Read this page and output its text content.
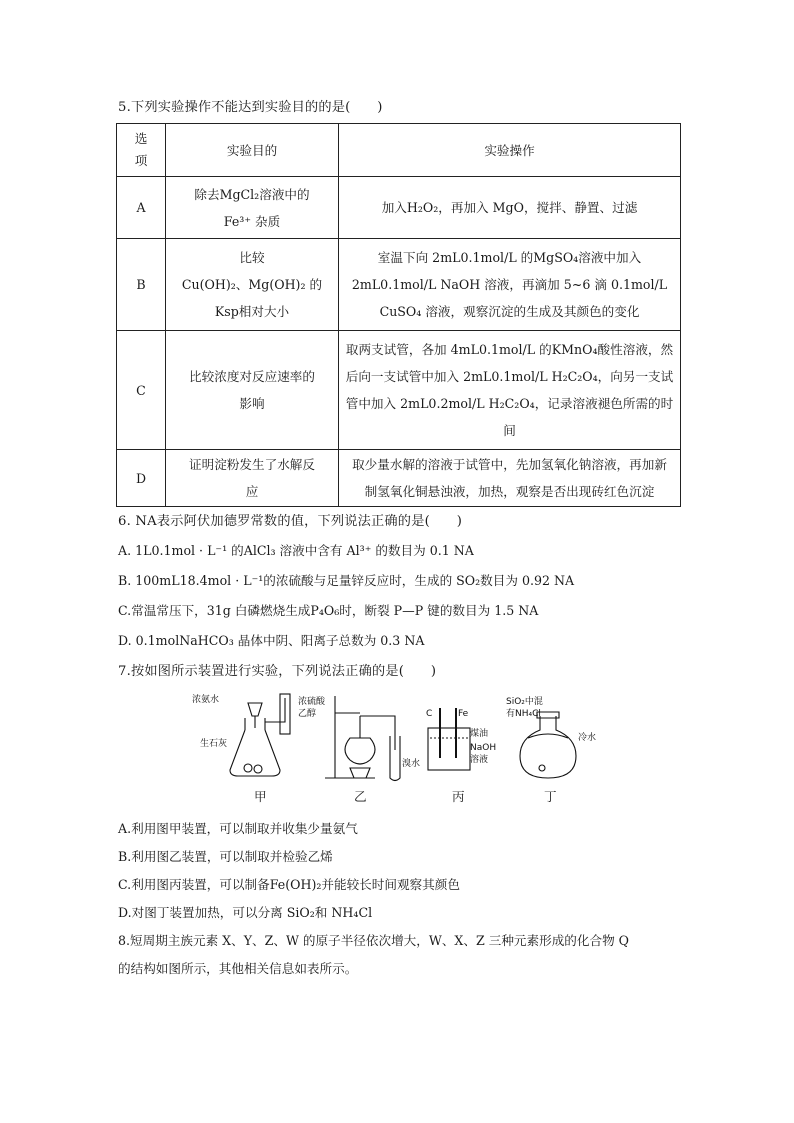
5.下列实验操作不能达到实验目的的是(　　)
选
项	实验目的	实验操作
A	除去MgCl₂溶液中的
Fe³⁺ 杂质	加入H₂O₂，再加入 MgO，搅拌、静置、过滤

B	比较
Cu(OH)₂、Mg(OH)₂ 的
Ksp相对大小	室温下向 2mL0.1mol/L 的MgSO₄溶液中加入
2mL0.1mol/L NaOH 溶液，再滴加 5~6 滴 0.1mol/L
CuSO₄ 溶液，观察沉淀的生成及其颜色的变化

C	比较浓度对反应速率的
影响	取两支试管，各加 4mL0.1mol/L 的KMnO₄酸性溶液，然
后向一支试管中加入 2mL0.1mol/L H₂C₂O₄，向另一支试
管中加入 2mL0.2mol/L H₂C₂O₄，记录溶液褪色所需的时
间

D	证明淀粉发生了水解反
应	取少量水解的溶液于试管中，先加氢氧化钠溶液，再加新
制氢氧化铜悬浊液，加热，观察是否出现砖红色沉淀
6. NA表示阿伏加德罗常数的值，下列说法正确的是(　　)
A. 1L0.1mol · L⁻¹ 的AlCl₃ 溶液中含有 Al³⁺ 的数目为 0.1 NA
B. 100mL18.4mol · L⁻¹的浓硫酸与足量锌反应时，生成的 SO₂数目为 0.92 NA
C.常温常压下，31g 白磷燃烧生成P₄O₆时，断裂 P—P 键的数目为 1.5 NA
D. 0.1molNaHCO₃ 晶体中阴、阳离子总数为 0.3 NA
7.按如图所示装置进行实验，下列说法正确的是(　　)
浓氨水
生石灰
浓硫酸
乙醇
溴水
C	Fe
煤油
NaOH
溶液
SiO₂中混
有NH₄Cl
冷水
甲	乙	丙	丁
A.利用图甲装置，可以制取并收集少量氨气
B.利用图乙装置，可以制取并检验乙烯
C.利用图丙装置，可以制备Fe(OH)₂并能较长时间观察其颜色
D.对图丁装置加热，可以分离 SiO₂和 NH₄Cl
8.短周期主族元素 X、Y、Z、W 的原子半径依次增大，W、X、Z 三种元素形成的化合物 Q
的结构如图所示，其他相关信息如表所示。
